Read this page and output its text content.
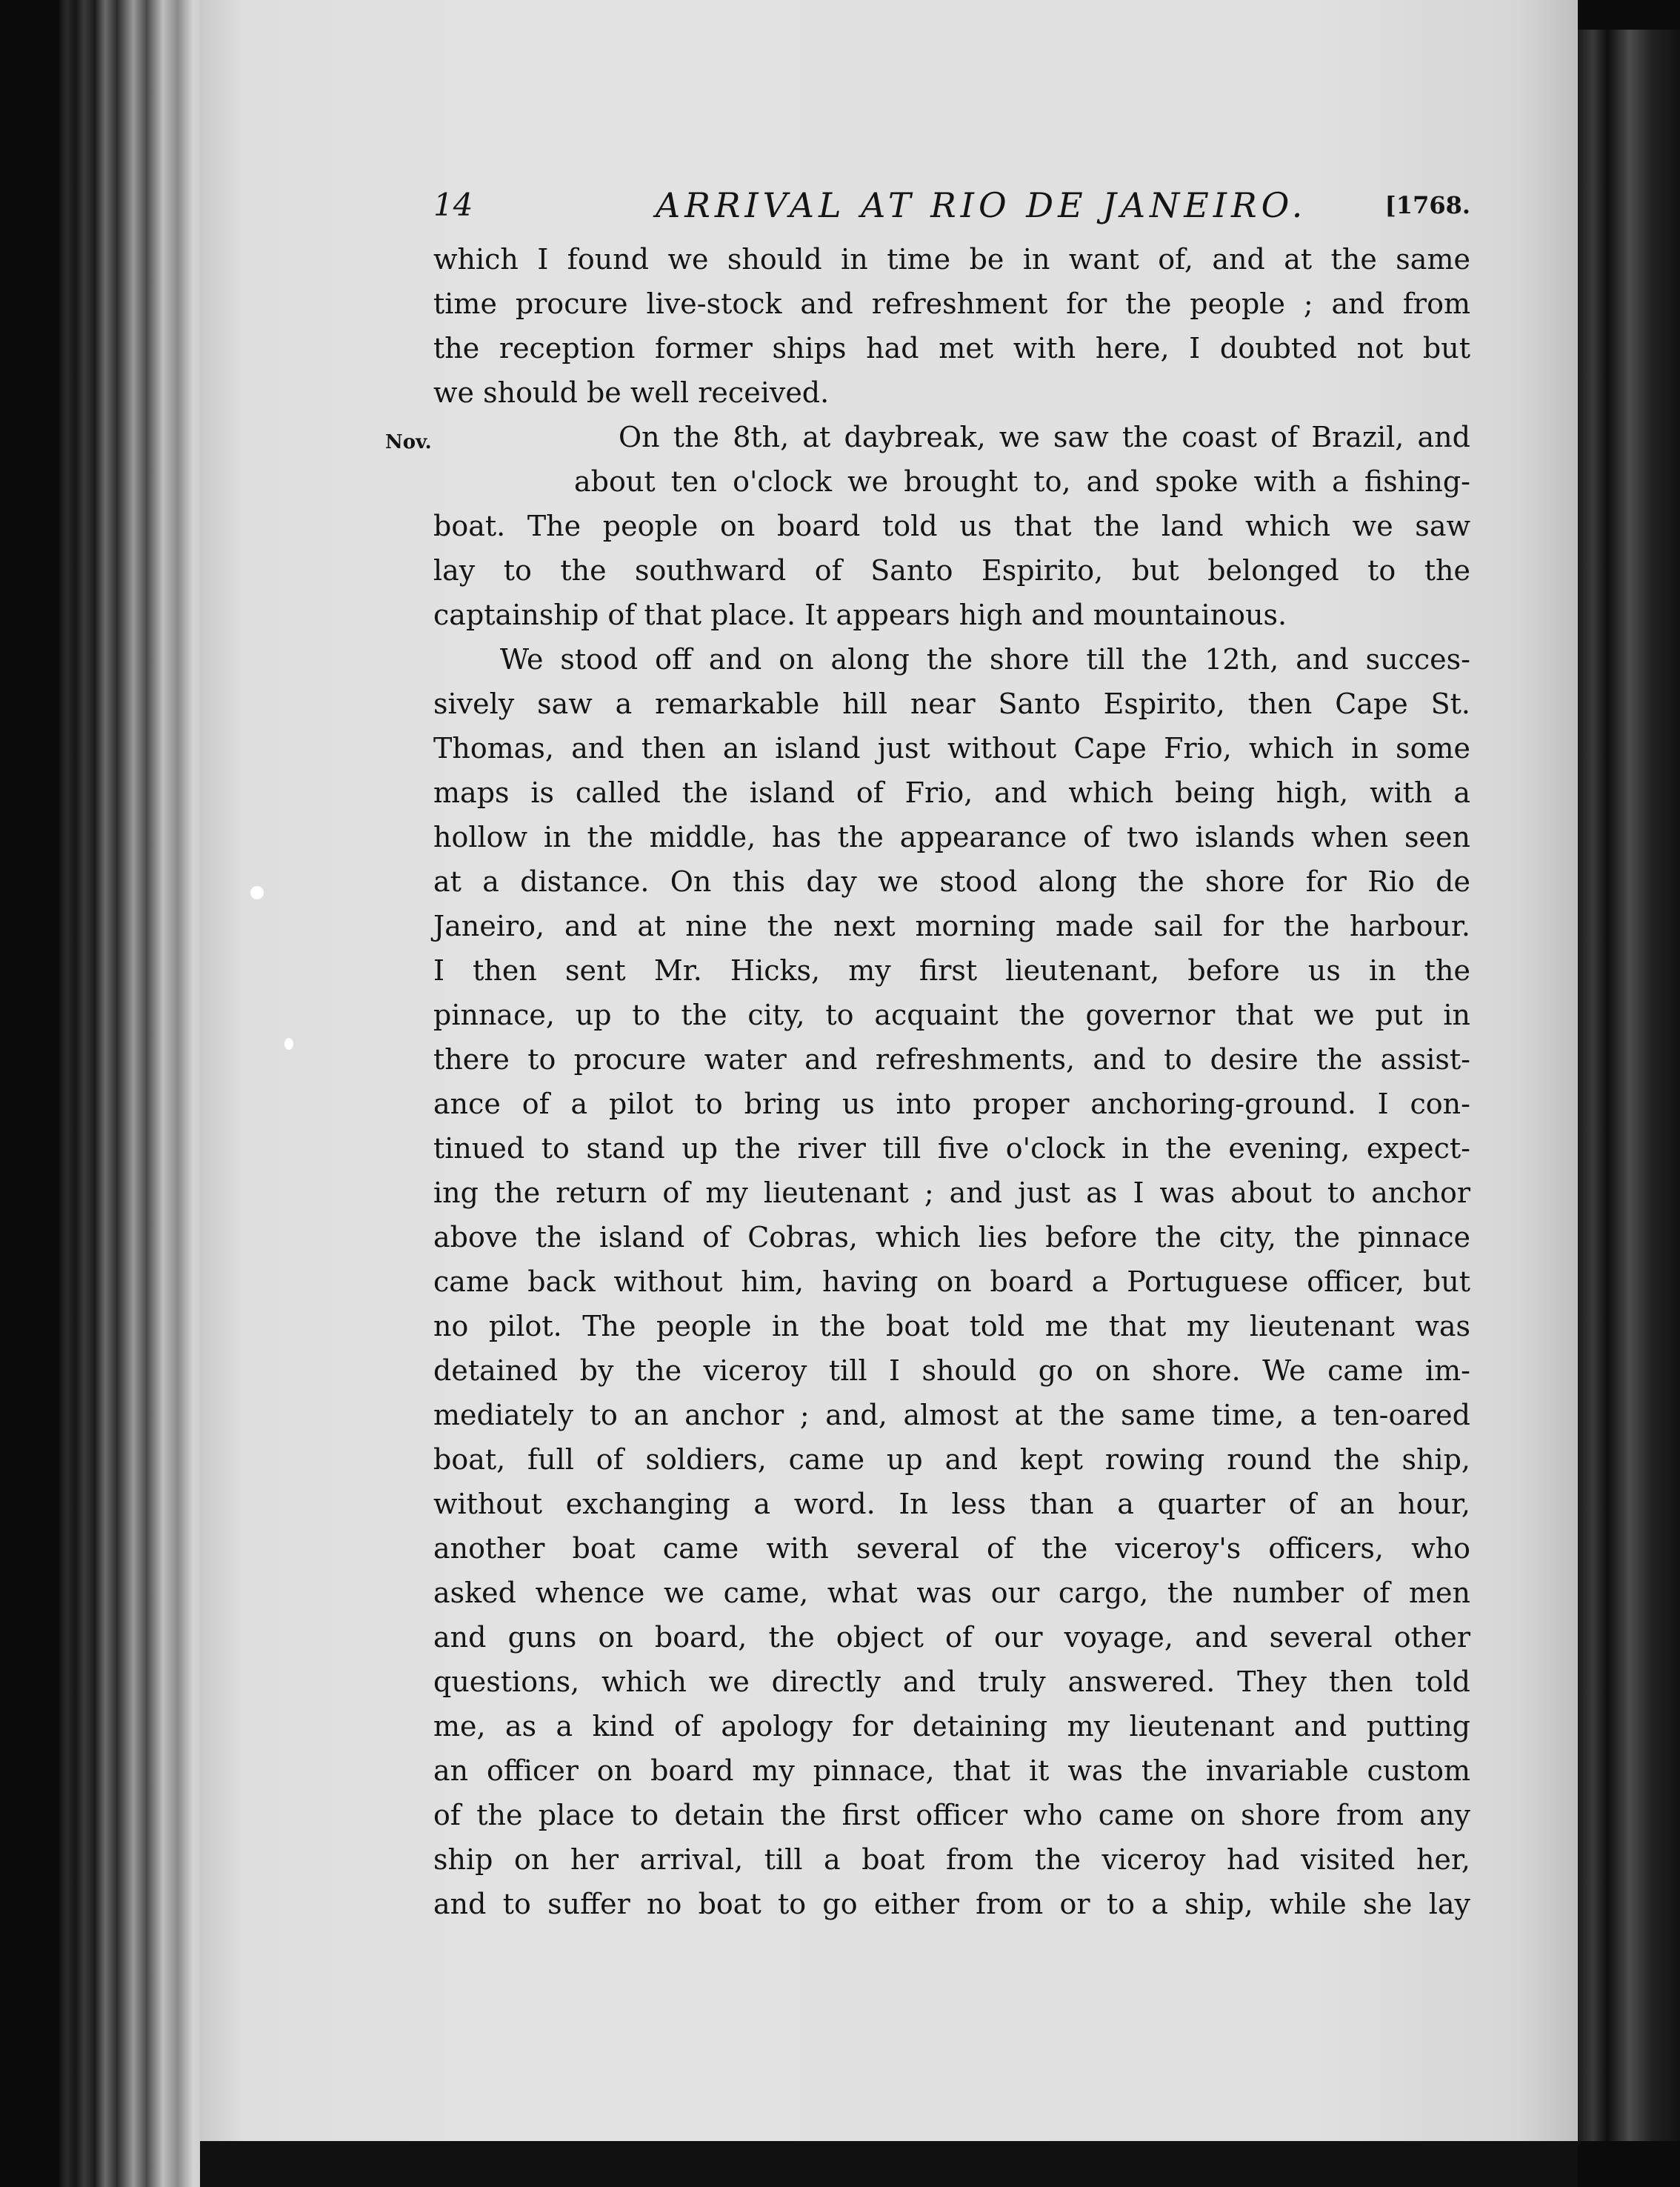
14	ARRIVAL AT RIO DE JANEIRO.	[1768.
which I found we should in time be in want of, and at the same
time procure live-stock and refreshment for the people ; and from
the reception former ships had met with here, I doubted not but
we should be well received.
Nov.	On the 8th, at daybreak, we saw the coast of Brazil, and
about ten o'clock we brought to, and spoke with a fishing-
boat. The people on board told us that the land which we saw
lay to the southward of Santo Espirito, but belonged to the
captainship of that place. It appears high and mountainous.
We stood off and on along the shore till the 12th, and succes-
sively saw a remarkable hill near Santo Espirito, then Cape St.
Thomas, and then an island just without Cape Frio, which in some
maps is called the island of Frio, and which being high, with a
hollow in the middle, has the appearance of two islands when seen
at a distance. On this day we stood along the shore for Rio de
Janeiro, and at nine the next morning made sail for the harbour.
I then sent Mr. Hicks, my first lieutenant, before us in the
pinnace, up to the city, to acquaint the governor that we put in
there to procure water and refreshments, and to desire the assist-
ance of a pilot to bring us into proper anchoring-ground. I con-
tinued to stand up the river till five o'clock in the evening, expect-
ing the return of my lieutenant ; and just as I was about to anchor
above the island of Cobras, which lies before the city, the pinnace
came back without him, having on board a Portuguese officer, but
no pilot. The people in the boat told me that my lieutenant was
detained by the viceroy till I should go on shore. We came im-
mediately to an anchor ; and, almost at the same time, a ten-oared
boat, full of soldiers, came up and kept rowing round the ship,
without exchanging a word. In less than a quarter of an hour,
another boat came with several of the viceroy's officers, who
asked whence we came, what was our cargo, the number of men
and guns on board, the object of our voyage, and several other
questions, which we directly and truly answered. They then told
me, as a kind of apology for detaining my lieutenant and putting
an officer on board my pinnace, that it was the invariable custom
of the place to detain the first officer who came on shore from any
ship on her arrival, till a boat from the viceroy had visited her,
and to suffer no boat to go either from or to a ship, while she lay
